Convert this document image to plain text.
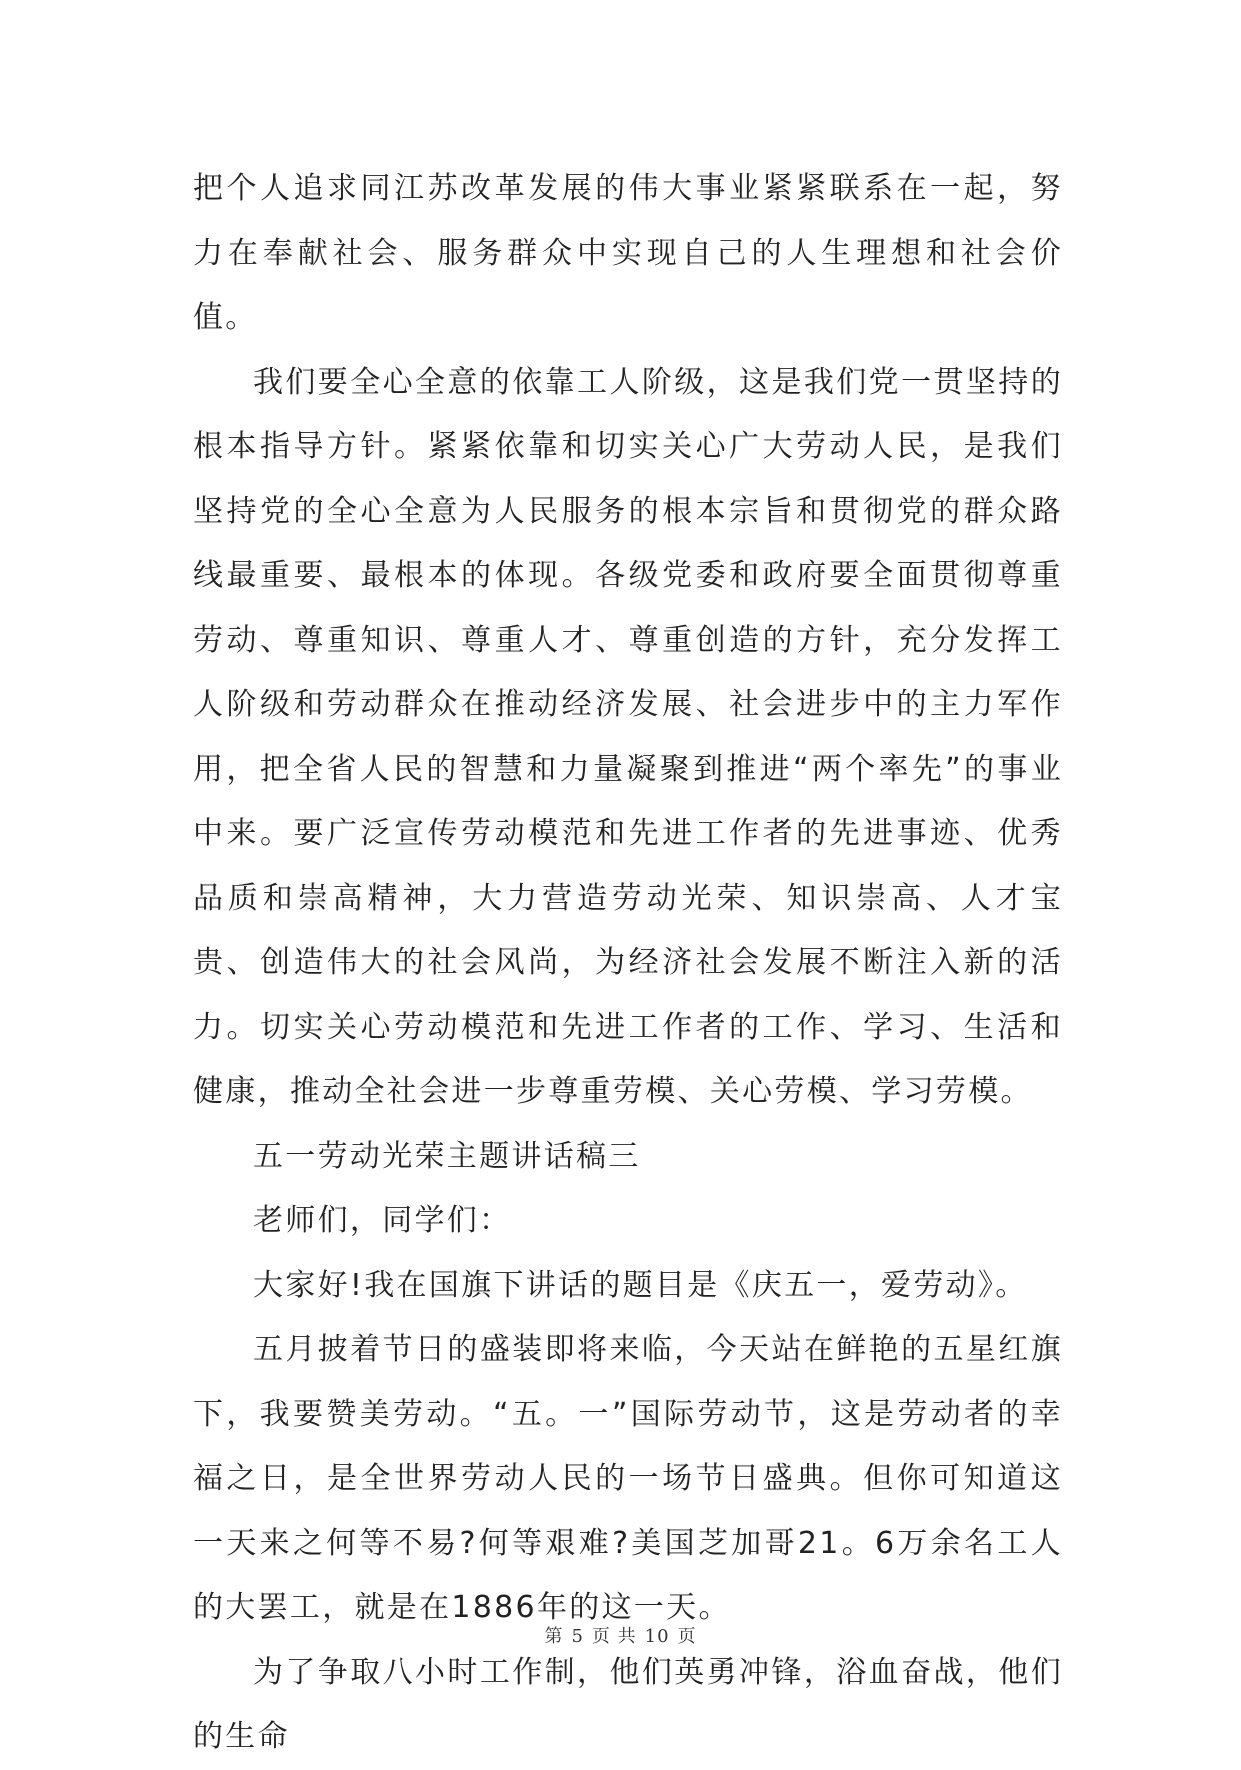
把个人追求同江苏改革发展的伟大事业紧紧联系在一起，努力在奉献社会、服务群众中实现自己的人生理想和社会价值。

我们要全心全意的依靠工人阶级，这是我们党一贯坚持的根本指导方针。紧紧依靠和切实关心广大劳动人民，是我们坚持党的全心全意为人民服务的根本宗旨和贯彻党的群众路线最重要、最根本的体现。各级党委和政府要全面贯彻尊重劳动、尊重知识、尊重人才、尊重创造的方针，充分发挥工人阶级和劳动群众在推动经济发展、社会进步中的主力军作用，把全省人民的智慧和力量凝聚到推进“两个率先”的事业中来。要广泛宣传劳动模范和先进工作者的先进事迹、优秀品质和崇高精神，大力营造劳动光荣、知识崇高、人才宝贵、创造伟大的社会风尚，为经济社会发展不断注入新的活力。切实关心劳动模范和先进工作者的工作、学习、生活和健康，推动全社会进一步尊重劳模、关心劳模、学习劳模。

五一劳动光荣主题讲话稿三

老师们，同学们：

大家好!我在国旗下讲话的题目是《庆五一，爱劳动》。

五月披着节日的盛装即将来临，今天站在鲜艳的五星红旗下，我要赞美劳动。“五。一”国际劳动节，这是劳动者的幸福之日，是全世界劳动人民的一场节日盛典。但你可知道这一天来之何等不易?何等艰难?美国芝加哥21。6万余名工人的大罢工，就是在1886年的这一天。

为了争取八小时工作制，他们英勇冲锋，浴血奋战，他们的生命

第 5 页 共 10 页
